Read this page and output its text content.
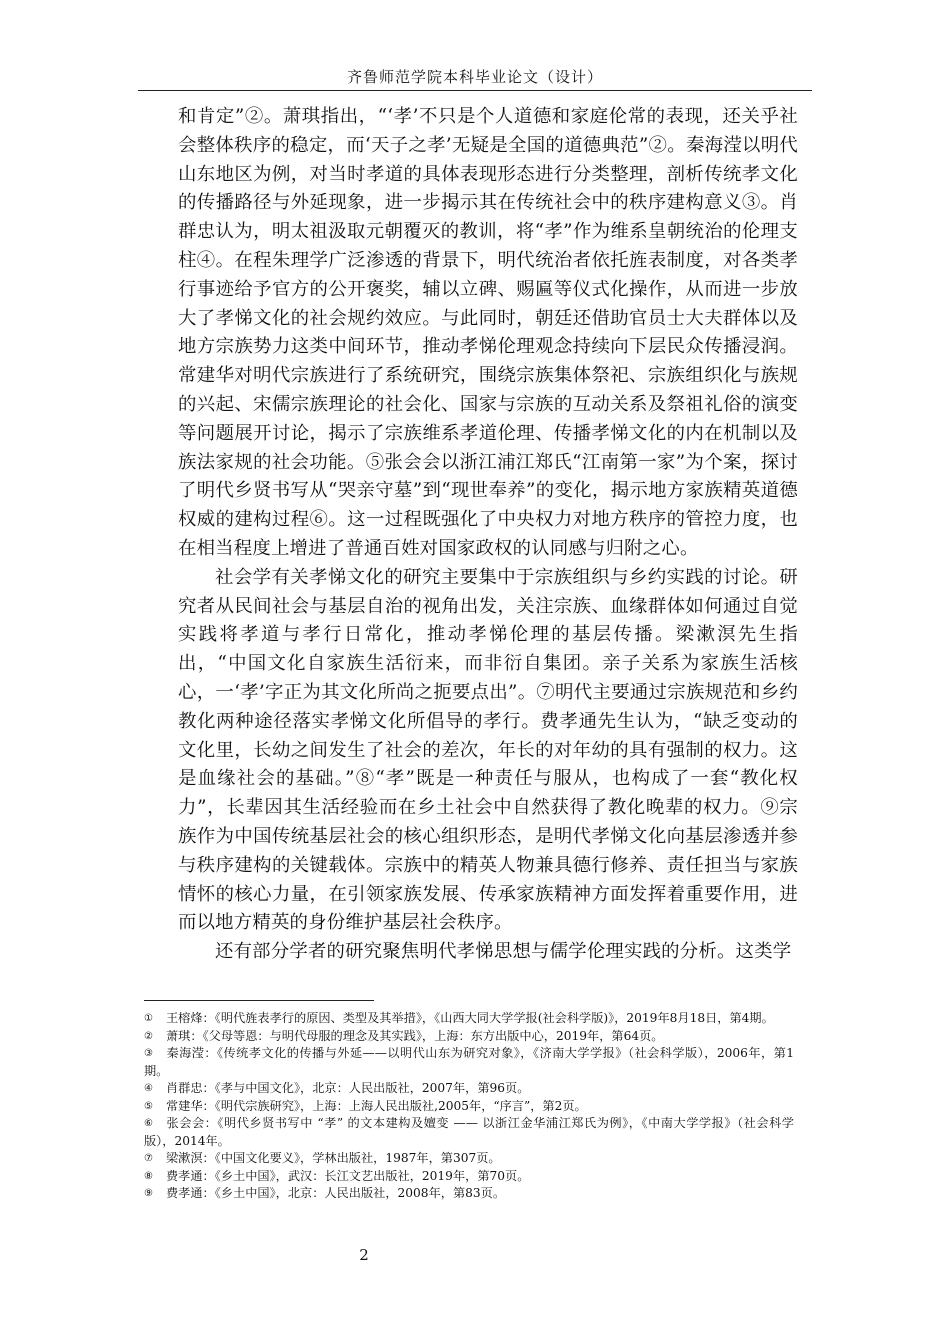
齐鲁师范学院本科毕业论文（设计）

和肯定”②。萧琪指出，“‘孝’不只是个人道德和家庭伦常的表现，还关乎社会整体秩序的稳定，而‘天子之孝’无疑是全国的道德典范”②。秦海滢以明代山东地区为例，对当时孝道的具体表现形态进行分类整理，剖析传统孝文化的传播路径与外延现象，进一步揭示其在传统社会中的秩序建构意义③。肖群忠认为，明太祖汲取元朝覆灭的教训，将“孝”作为维系皇朝统治的伦理支柱④。在程朱理学广泛渗透的背景下，明代统治者依托旌表制度，对各类孝行事迹给予官方的公开褒奖，辅以立碑、赐匾等仪式化操作，从而进一步放大了孝悌文化的社会规约效应。与此同时，朝廷还借助官员士大夫群体以及地方宗族势力这类中间环节，推动孝悌伦理观念持续向下层民众传播浸润。常建华对明代宗族进行了系统研究，围绕宗族集体祭祀、宗族组织化与族规的兴起、宋儒宗族理论的社会化、国家与宗族的互动关系及祭祖礼俗的演变等问题展开讨论，揭示了宗族维系孝道伦理、传播孝悌文化的内在机制以及族法家规的社会功能。⑤张会会以浙江浦江郑氏“江南第一家”为个案，探讨了明代乡贤书写从“哭亲守墓”到“现世奉养”的变化，揭示地方家族精英道德权威的建构过程⑥。这一过程既强化了中央权力对地方秩序的管控力度，也在相当程度上增进了普通百姓对国家政权的认同感与归附之心。

社会学有关孝悌文化的研究主要集中于宗族组织与乡约实践的讨论。研究者从民间社会与基层自治的视角出发，关注宗族、血缘群体如何通过自觉实践将孝道与孝行日常化，推动孝悌伦理的基层传播。梁漱溟先生指出，“中国文化自家族生活衍来，而非衍自集团。亲子关系为家族生活核心，一‘孝’字正为其文化所尚之扼要点出”。⑦明代主要通过宗族规范和乡约教化两种途径落实孝悌文化所倡导的孝行。费孝通先生认为，“缺乏变动的文化里，长幼之间发生了社会的差次，年长的对年幼的具有强制的权力。这是血缘社会的基础。”⑧“孝”既是一种责任与服从，也构成了一套“教化权力”，长辈因其生活经验而在乡土社会中自然获得了教化晚辈的权力。⑨宗族作为中国传统基层社会的核心组织形态，是明代孝悌文化向基层渗透并参与秩序建构的关键载体。宗族中的精英人物兼具德行修养、责任担当与家族情怀的核心力量，在引领家族发展、传承家族精神方面发挥着重要作用，进而以地方精英的身份维护基层社会秩序。

还有部分学者的研究聚焦明代孝悌思想与儒学伦理实践的分析。这类学

① 王榕烽：《明代旌表孝行的原因、类型及其举措》，《山西大同大学学报(社会科学版)》，2019年8月18日，第4期。

② 萧琪：《父母等恩：与明代母服的理念及其实践》，上海：东方出版中心，2019年，第64页。

③ 秦海滢：《传统孝文化的传播与外延——以明代山东为研究对象》，《济南大学学报》（社会科学版），2006年，第1期。

④ 肖群忠：《孝与中国文化》，北京：人民出版社，2007年，第96页。

⑤ 常建华：《明代宗族研究》，上海：上海人民出版社,2005年，“序言”，第2页。

⑥ 张会会：《明代乡贤书写中 “孝” 的文本建构及嬗变 —— 以浙江金华浦江郑氏为例》，《中南大学学报》（社会科学版），2014年。

⑦ 梁漱溟：《中国文化要义》，学林出版社，1987年，第307页。

⑧ 费孝通：《乡土中国》，武汉：长江文艺出版社，2019年，第70页。

⑨ 费孝通：《乡土中国》，北京：人民出版社，2008年，第83页。

2
